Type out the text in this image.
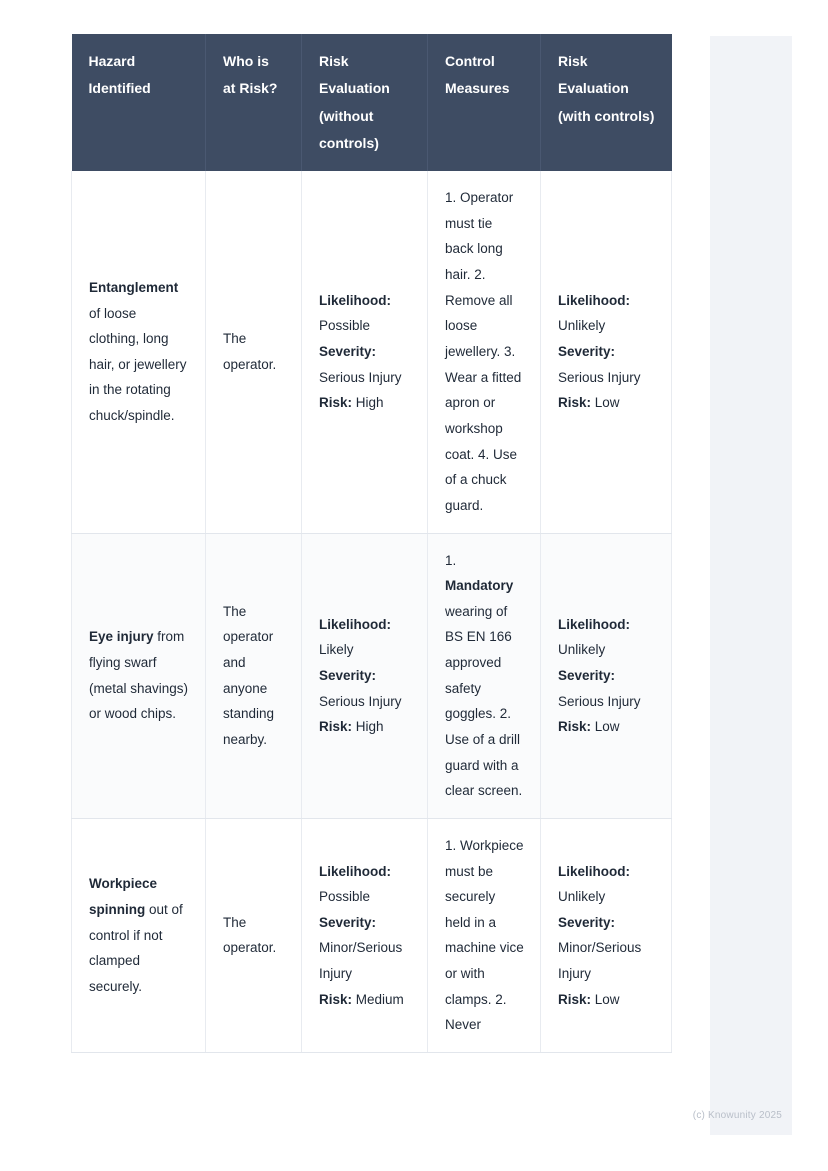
(c) Knowunity 2025
Hazard Identified	Who is at Risk?	Risk Evaluation (without controls)	Control Measures	Risk Evaluation (with controls)
Entanglement of loose clothing, long hair, or jewellery in the rotating chuck/spindle.	The operator.	Likelihood: Possible
Severity: Serious Injury
Risk: High	1. Operator must tie back long hair. 2. Remove all loose jewellery. 3. Wear a fitted apron or workshop coat. 4. Use of a chuck guard.	Likelihood: Unlikely
Severity: Serious Injury
Risk: Low

Eye injury from flying swarf (metal shavings) or wood chips.	The operator and anyone standing nearby.	Likelihood: Likely
Severity: Serious Injury
Risk: High	1. Mandatory wearing of BS EN 166 approved safety goggles. 2. Use of a drill guard with a clear screen.	Likelihood: Unlikely
Severity: Serious Injury
Risk: Low

Workpiece spinning out of control if not clamped securely.	The operator.	Likelihood: Possible
Severity: Minor/Serious Injury
Risk: Medium	1. Workpiece must be securely held in a machine vice or with clamps. 2. Never	Likelihood: Unlikely
Severity: Minor/Serious Injury
Risk: Low
